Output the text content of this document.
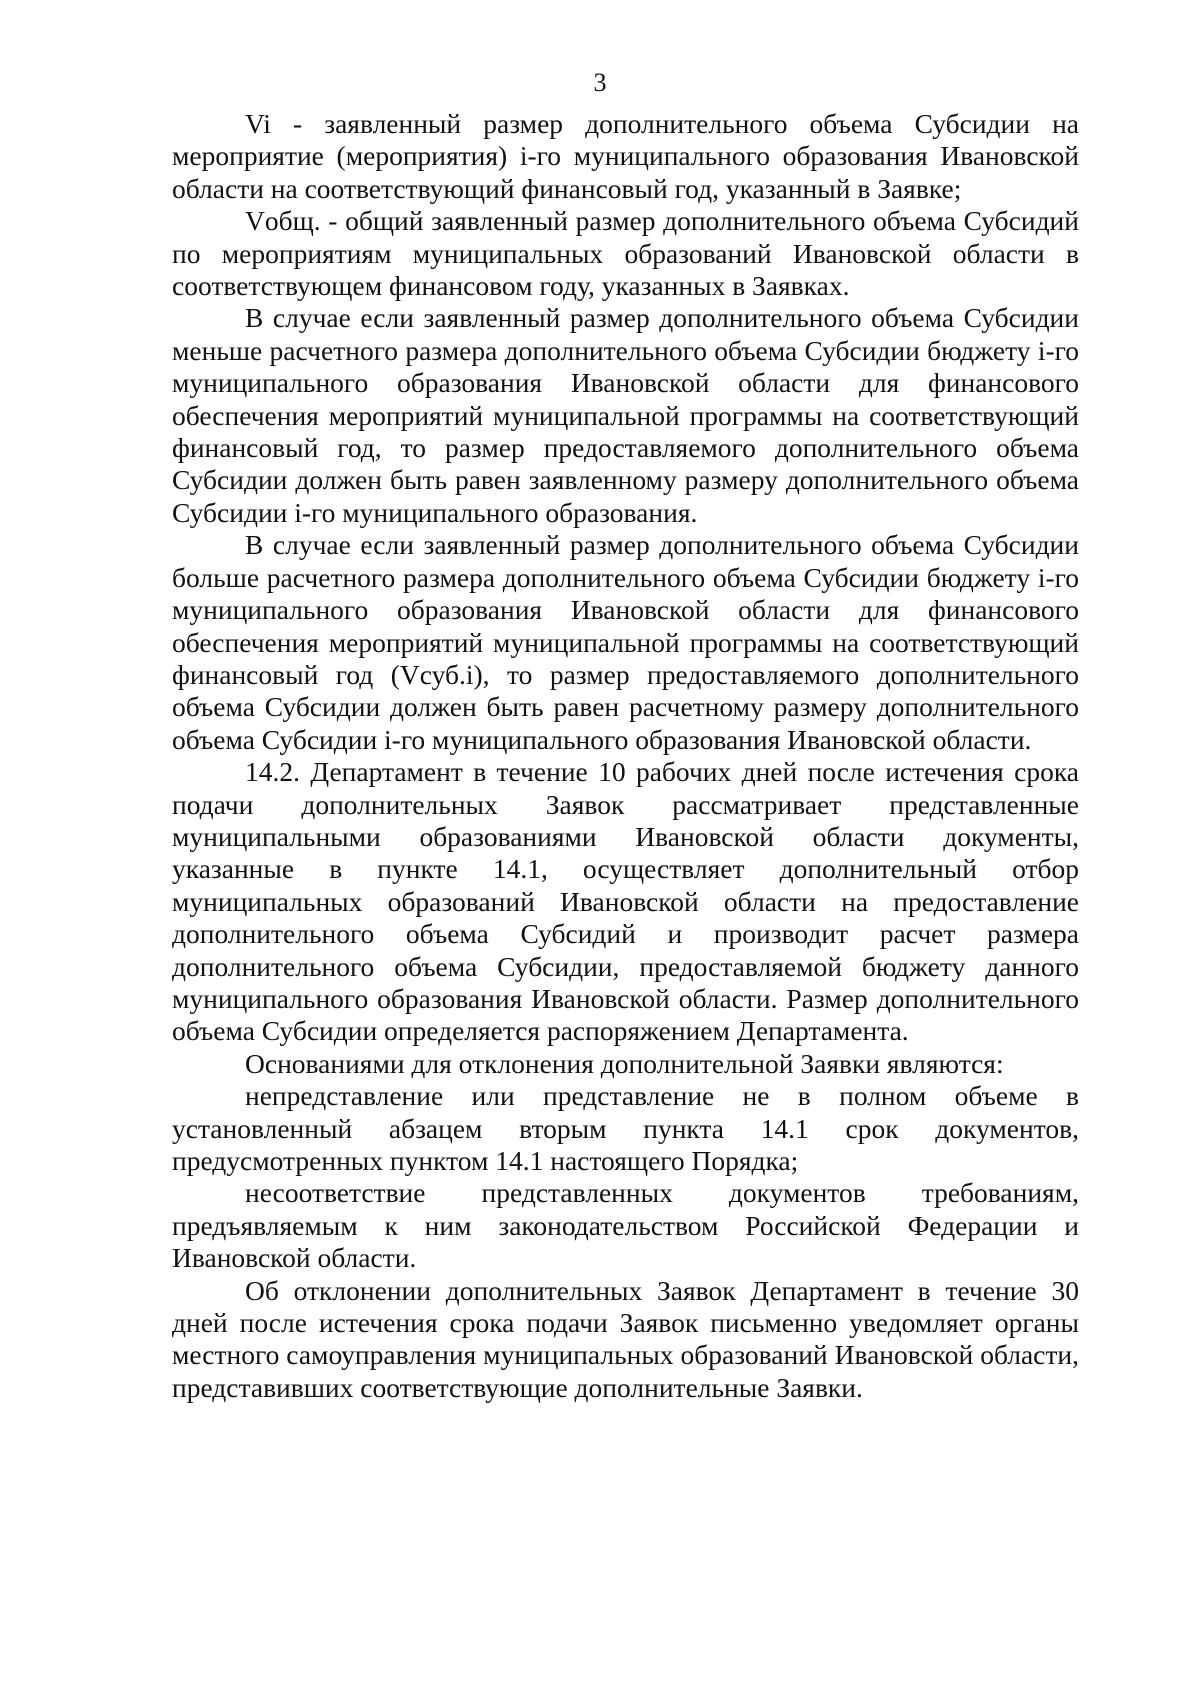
3

Vi - заявленный размер дополнительного объема Субсидии на мероприятие (мероприятия) i-го муниципального образования Ивановской области на соответствующий финансовый год, указанный в Заявке;

Vобщ. - общий заявленный размер дополнительного объема Субсидий по мероприятиям муниципальных образований Ивановской области в соответствующем финансовом году, указанных в Заявках.

В случае если заявленный размер дополнительного объема Субсидии меньше расчетного размера дополнительного объема Субсидии бюджету i-го муниципального образования Ивановской области для финансового обеспечения мероприятий муниципальной программы на соответствующий финансовый год, то размер предоставляемого дополнительного объема Субсидии должен быть равен заявленному размеру дополнительного объема Субсидии i-го муниципального образования.

В случае если заявленный размер дополнительного объема Субсидии больше расчетного размера дополнительного объема Субсидии бюджету i-го муниципального образования Ивановской области для финансового обеспечения мероприятий муниципальной программы на соответствующий финансовый год (Vсуб.i), то размер предоставляемого дополнительного объема Субсидии должен быть равен расчетному размеру дополнительного объема Субсидии i-го муниципального образования Ивановской области.

14.2. Департамент в течение 10 рабочих дней после истечения срока подачи дополнительных Заявок рассматривает представленные муниципальными образованиями Ивановской области документы, указанные в пункте 14.1, осуществляет дополнительный отбор муниципальных образований Ивановской области на предоставление дополнительного объема Субсидий и производит расчет размера дополнительного объема Субсидии, предоставляемой бюджету данного муниципального образования Ивановской области. Размер дополнительного объема Субсидии определяется распоряжением Департамента.

Основаниями для отклонения дополнительной Заявки являются:

непредставление или представление не в полном объеме в установленный абзацем вторым пункта 14.1 срок документов, предусмотренных пунктом 14.1 настоящего Порядка;

несоответствие представленных документов требованиям, предъявляемым к ним законодательством Российской Федерации и Ивановской области.

Об отклонении дополнительных Заявок Департамент в течение 30 дней после истечения срока подачи Заявок письменно уведомляет органы местного самоуправления муниципальных образований Ивановской области, представивших соответствующие дополнительные Заявки.
